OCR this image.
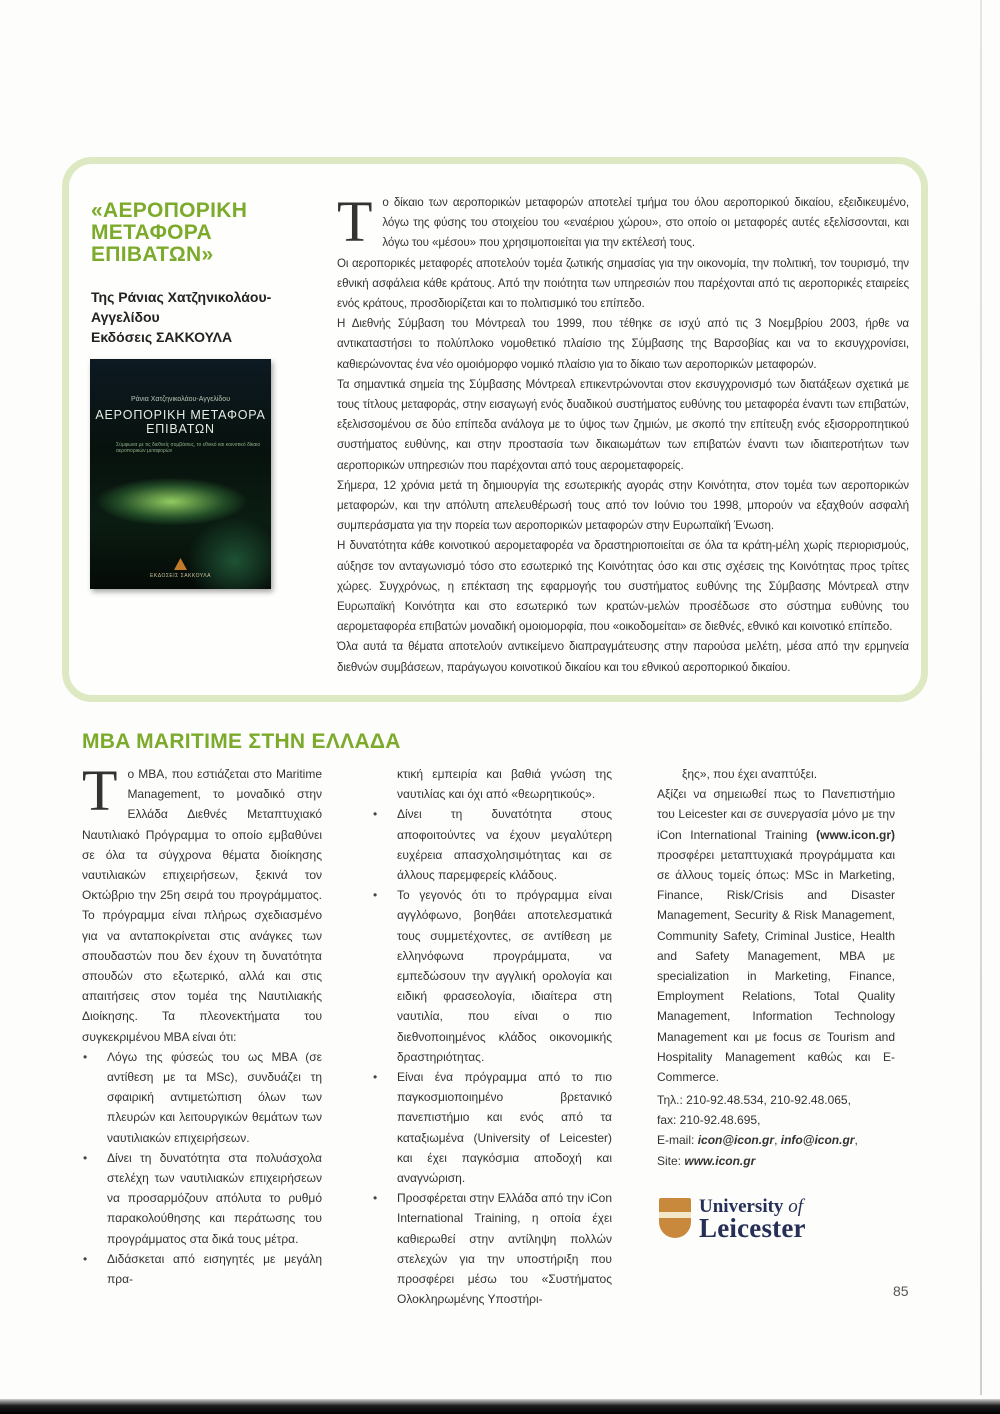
«ΑΕΡΟΠΟΡΙΚΗ ΜΕΤΑΦΟΡΑ ΕΠΙΒΑΤΩΝ»
Της Ράνιας Χατζηνικολάου-Αγγελίδου
Εκδόσεις ΣΑΚΚΟΥΛΑ
Ράνια Χατζηνικολάου-Αγγελίδου
ΑΕΡΟΠΟΡΙΚΗ ΜΕΤΑΦΟΡΑ ΕΠΙΒΑΤΩΝ
Σύμφωνα με τις διεθνείς συμβάσεις, το εθνικό και κοινοτικό δίκαιο αεροπορικών μεταφορών
ΕΚΔΟΣΕΙΣ ΣΑΚΚΟΥΛΑ
Τ ο δίκαιο των αεροπορικών μεταφορών αποτελεί τμήμα του όλου αεροπορικού δικαίου, εξειδικευμένο, λόγω της φύσης του στοιχείου του «εναέριου χώρου», στο οποίο οι μεταφορές αυτές εξελίσσονται, και λόγω του «μέσου» που χρησιμοποιείται για την εκτέλεσή τους.

Οι αεροπορικές μεταφορές αποτελούν τομέα ζωτικής σημασίας για την οικονομία, την πολιτική, τον τουρισμό, την εθνική ασφάλεια κάθε κράτους. Από την ποιότητα των υπηρεσιών που παρέχονται από τις αεροπορικές εταιρείες ενός κράτους, προσδιορίζεται και το πολιτισμικό του επίπεδο.

Η Διεθνής Σύμβαση του Μόντρεαλ του 1999, που τέθηκε σε ισχύ από τις 3 Νοεμβρίου 2003, ήρθε να αντικαταστήσει το πολύπλοκο νομοθετικό πλαίσιο της Σύμβασης της Βαρσοβίας και να το εκσυγχρονίσει, καθιερώνοντας ένα νέο ομοιόμορφο νομικό πλαίσιο για το δίκαιο των αεροπορικών μεταφορών.

Τα σημαντικά σημεία της Σύμβασης Μόντρεαλ επικεντρώνονται στον εκσυγχρονισμό των διατάξεων σχετικά με τους τίτλους μεταφοράς, στην εισαγωγή ενός δυαδικού συστήματος ευθύνης του μεταφορέα έναντι των επιβατών, εξελισσομένου σε δύο επίπεδα ανάλογα με το ύψος των ζημιών, με σκοπό την επίτευξη ενός εξισορροπητικού συστήματος ευθύνης, και στην προστασία των δικαιωμάτων των επιβατών έναντι των ιδιαιτεροτήτων των αεροπορικών υπηρεσιών που παρέχονται από τους αερομεταφορείς.

Σήμερα, 12 χρόνια μετά τη δημιουργία της εσωτερικής αγοράς στην Κοινότητα, στον τομέα των αεροπορικών μεταφορών, και την απόλυτη απελευθέρωσή τους από τον Ιούνιο του 1998, μπορούν να εξαχθούν ασφαλή συμπεράσματα για την πορεία των αεροπορικών μεταφορών στην Ευρωπαϊκή Ένωση.

Η δυνατότητα κάθε κοινοτικού αερομεταφορέα να δραστηριοποιείται σε όλα τα κράτη-μέλη χωρίς περιορισμούς, αύξησε τον ανταγωνισμό τόσο στο εσωτερικό της Κοινότητας όσο και στις σχέσεις της Κοινότητας προς τρίτες χώρες. Συγχρόνως, η επέκταση της εφαρμογής του συστήματος ευθύνης της Σύμβασης Μόντρεαλ στην Ευρωπαϊκή Κοινότητα και στο εσωτερικό των κρατών-μελών προσέδωσε στο σύστημα ευθύνης του αερομεταφορέα επιβατών μοναδική ομοιομορφία, που «οικοδομείται» σε διεθνές, εθνικό και κοινοτικό επίπεδο.

Όλα αυτά τα θέματα αποτελούν αντικείμενο διαπραγμάτευσης στην παρούσα μελέτη, μέσα από την ερμηνεία διεθνών συμβάσεων, παράγωγου κοινοτικού δικαίου και του εθνικού αεροπορικού δικαίου.

MBA MARITIME ΣΤΗΝ ΕΛΛΑΔΑ
Τ ο MBA, που εστιάζεται στο Maritime Management, το μοναδικό στην Ελλάδα Διεθνές Μεταπτυχιακό Ναυτιλιακό Πρόγραμμα το οποίο εμβαθύνει σε όλα τα σύγχρονα θέματα διοίκησης ναυτιλιακών επιχειρήσεων, ξεκινά τον Οκτώβριο την 25η σειρά του προγράμματος. Το πρόγραμμα είναι πλήρως σχεδιασμένο για να ανταποκρίνεται στις ανάγκες των σπουδαστών που δεν έχουν τη δυνατότητα σπουδών στο εξωτερικό, αλλά και στις απαιτήσεις στον τομέα της Ναυτιλιακής Διοίκησης. Τα πλεονεκτήματα του συγκεκριμένου MBA είναι ότι:

• Λόγω της φύσεώς του ως MBA (σε αντίθεση με τα MSc), συνδυάζει τη σφαιρική αντιμετώπιση όλων των πλευρών και λειτουργικών θεμάτων των ναυτιλιακών επιχειρήσεων.
• Δίνει τη δυνατότητα στα πολυάσχολα στελέχη των ναυτιλιακών επιχειρήσεων να προσαρμόζουν απόλυτα το ρυθμό παρακολούθησης και περάτωσης του προγράμματος στα δικά τους μέτρα.
• Διδάσκεται από εισηγητές με μεγάλη πρα-

κτική εμπειρία και βαθιά γνώση της ναυτιλίας και όχι από «θεωρητικούς».

• Δίνει τη δυνατότητα στους αποφοιτούντες να έχουν μεγαλύτερη ευχέρεια απασχολησιμότητας και σε άλλους παρεμφερείς κλάδους.
• Το γεγονός ότι το πρόγραμμα είναι αγγλόφωνο, βοηθάει αποτελεσματικά τους συμμετέχοντες, σε αντίθεση με ελληνόφωνα προγράμματα, να εμπεδώσουν την αγγλική ορολογία και ειδική φρασεολογία, ιδιαίτερα στη ναυτιλία, που είναι ο πιο διεθνοποιημένος κλάδος οικονομικής δραστηριότητας.
• Είναι ένα πρόγραμμα από το πιο παγκοσμιοποιημένο βρετανικό πανεπιστήμιο και ενός από τα καταξιωμένα (University of Leicester) και έχει παγκόσμια αποδοχή και αναγνώριση.
• Προσφέρεται στην Ελλάδα από την iCon International Training, η οποία έχει καθιερωθεί στην αντίληψη πολλών στελεχών για την υποστήριξη που προσφέρει μέσω του «Συστήματος Ολοκληρωμένης Υποστήρι-

ξης», που έχει αναπτύξει.

Αξίζει να σημειωθεί πως το Πανεπιστήμιο του Leicester και σε συνεργασία μόνο με την iCon International Training (www.icon.gr) προσφέρει μεταπτυχιακά προγράμματα και σε άλλους τομείς όπως: MSc in Marketing, Finance, Risk/Crisis and Disaster Management, Security & Risk Management, Community Safety, Criminal Justice, Health and Safety Management, MBA με specialization in Marketing, Finance, Employment Relations, Total Quality Management, Information Technology Management και με focus σε Tourism and Hospitality Management καθώς και E-Commerce.

Τηλ.: 210-92.48.534, 210-92.48.065,
fax: 210-92.48.695,
E-mail: icon@icon.gr, info@icon.gr,
Site: www.icon.gr
University of
Leicester
85
